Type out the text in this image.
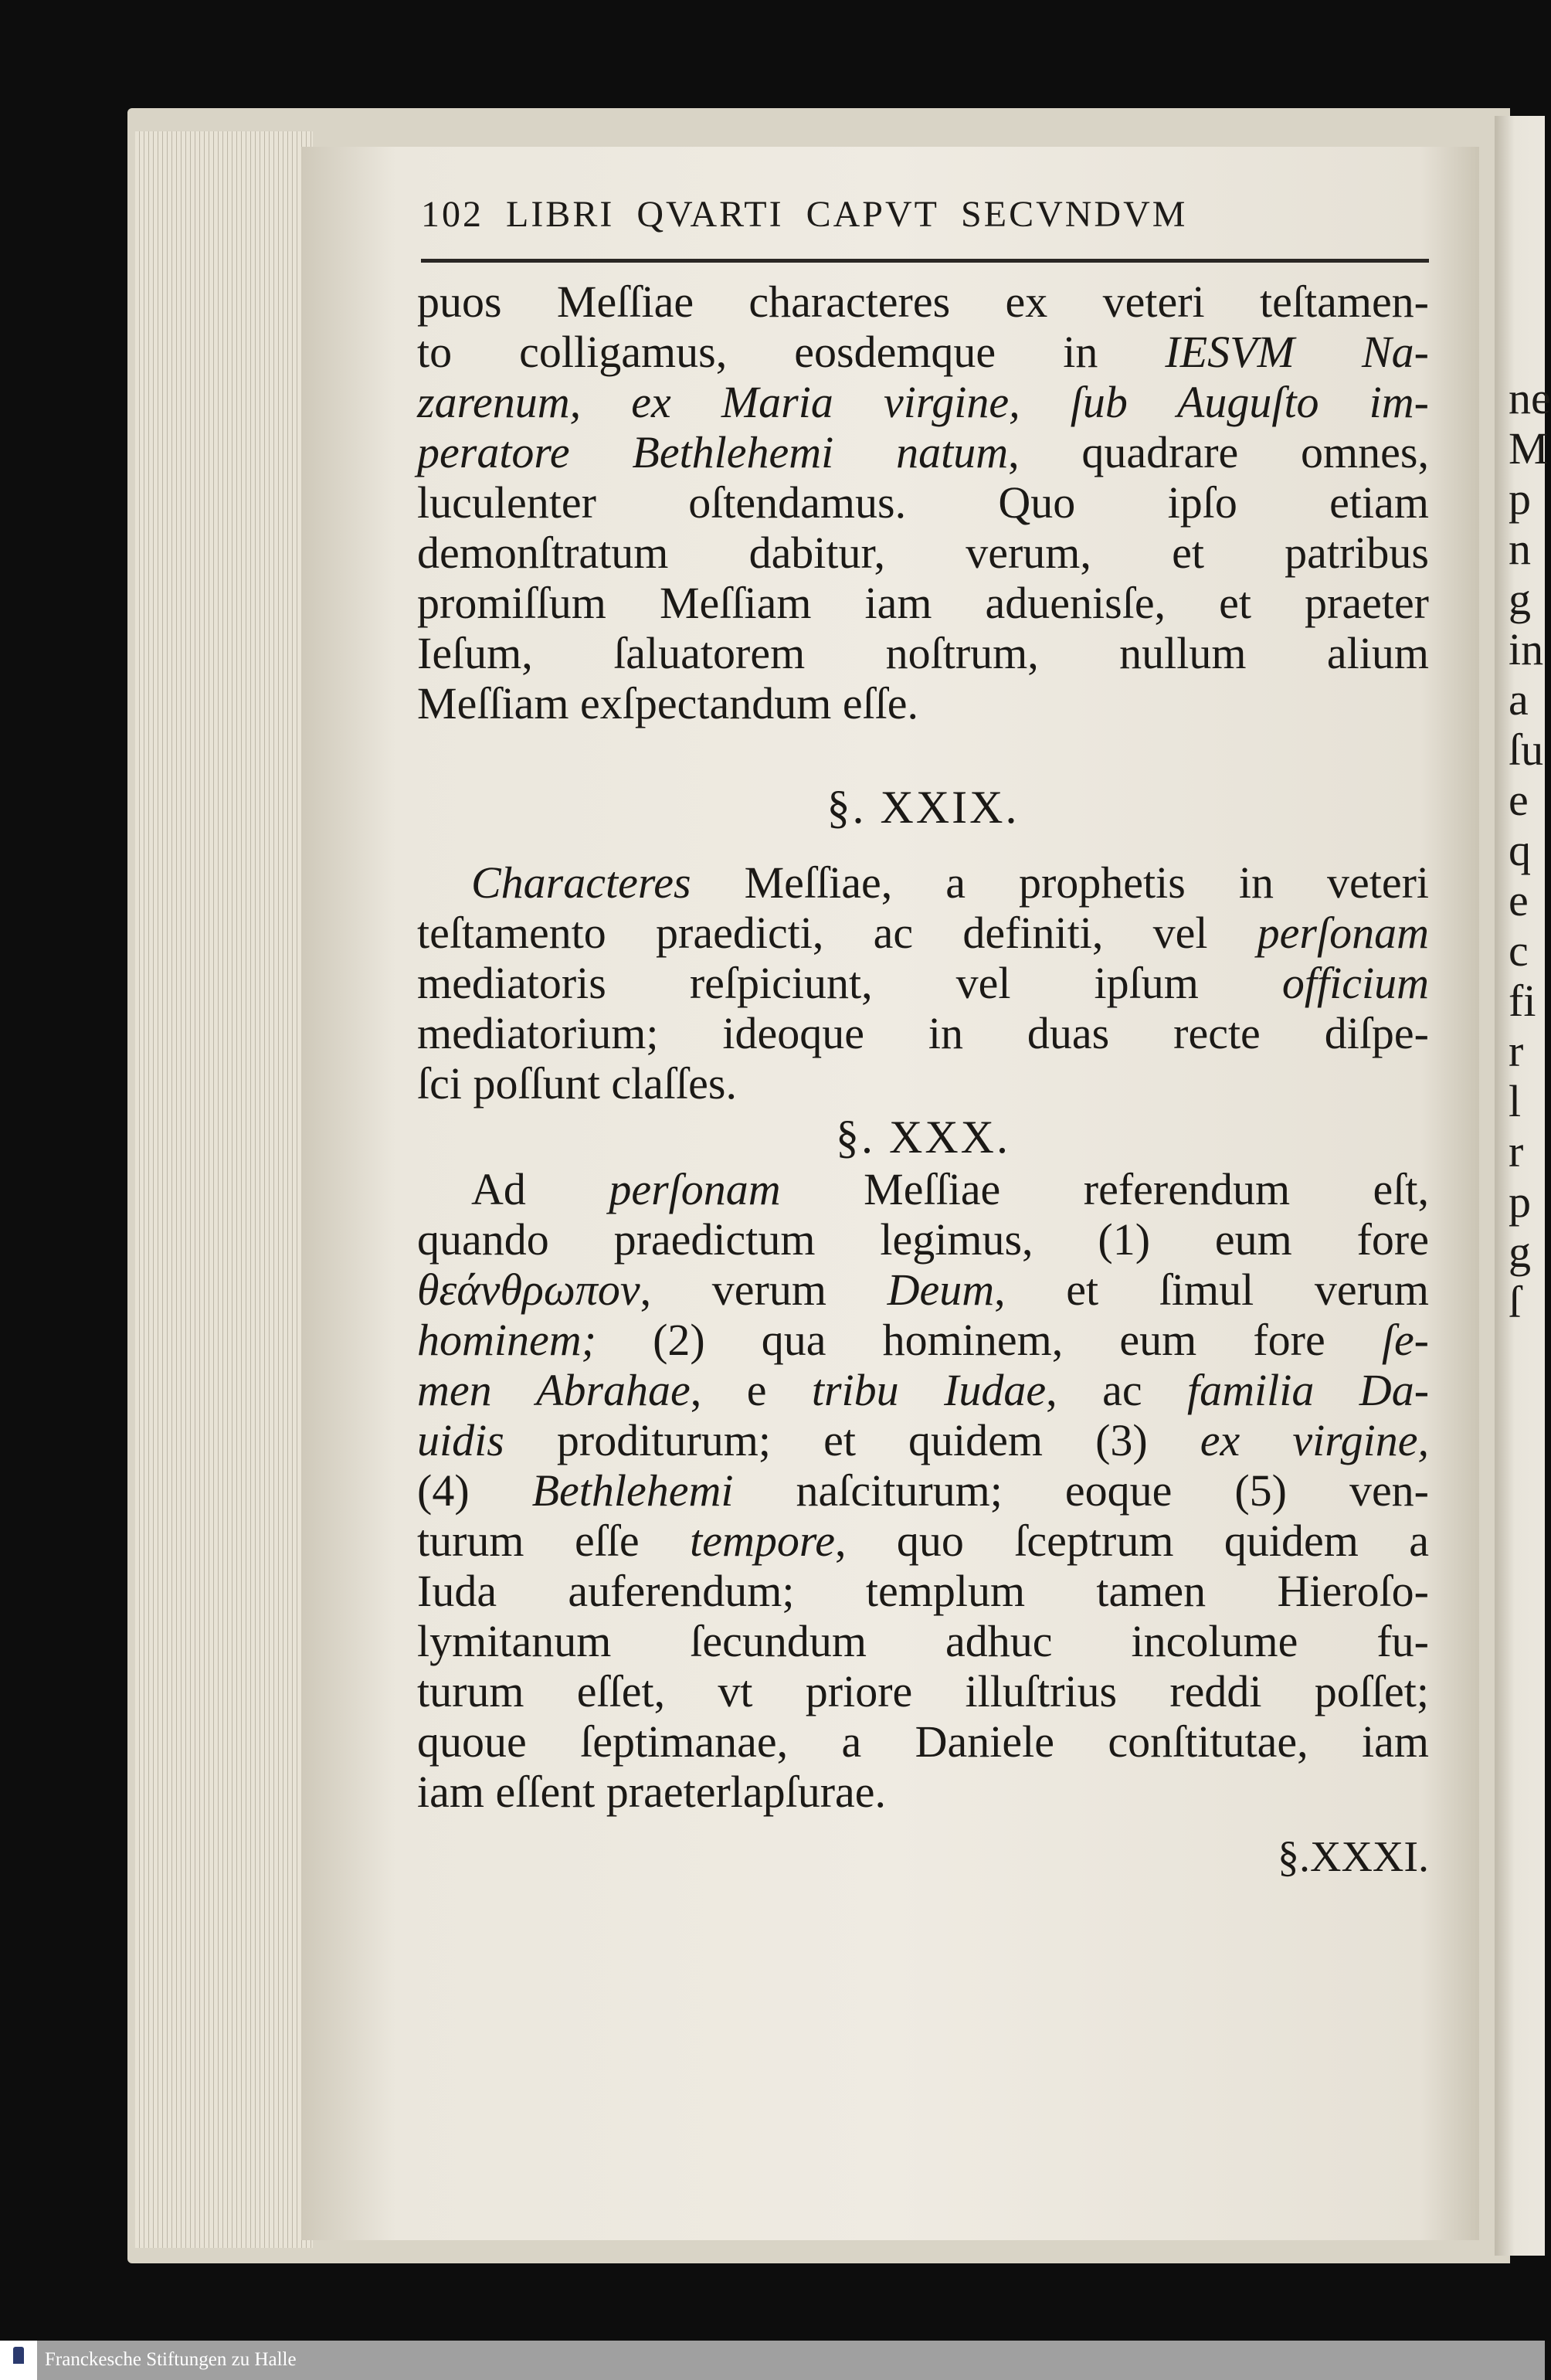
ne
M
p
n
g
in
a
ſu
e
q
e
c
fi
r
l
r
p
g
ſ
102 LIBRI QVARTI CAPVT SECVNDVM
puos Meſſiae characteres ex veteri teſtamen-
to colligamus, eosdemque in IESVM Na-
zarenum, ex Maria virgine, ſub Auguſto im-
peratore Bethlehemi natum, quadrare omnes,
luculenter oſtendamus. Quo ipſo etiam
demonſtratum dabitur, verum, et patribus
promiſſum Meſſiam iam aduenisſe, et praeter
Ieſum, ſaluatorem noſtrum, nullum alium
Meſſiam exſpectandum eſſe.
§. XXIX.
Characteres Meſſiae, a prophetis in veteri
teſtamento praedicti, ac definiti, vel perſonam
mediatoris reſpiciunt, vel ipſum officium
mediatorium; ideoque in duas recte diſpe-
ſci poſſunt claſſes.
§. XXX.
Ad perſonam Meſſiae referendum eſt,
quando praedictum legimus, (1) eum fore
θεάνθρωπον, verum Deum, et ſimul verum
hominem; (2) qua hominem, eum fore ſe-
men Abrahae, e tribu Iudae, ac familia Da-
uidis proditurum; et quidem (3) ex virgine,
(4) Bethlehemi naſciturum; eoque (5) ven-
turum eſſe tempore, quo ſceptrum quidem a
Iuda auferendum; templum tamen Hieroſo-
lymitanum ſecundum adhuc incolume fu-
turum eſſet, vt priore illuſtrius reddi poſſet;
quoue ſeptimanae, a Daniele conſtitutae, iam
iam eſſent praeterlapſurae.
§.XXXI.
Franckesche Stiftungen zu Halle
